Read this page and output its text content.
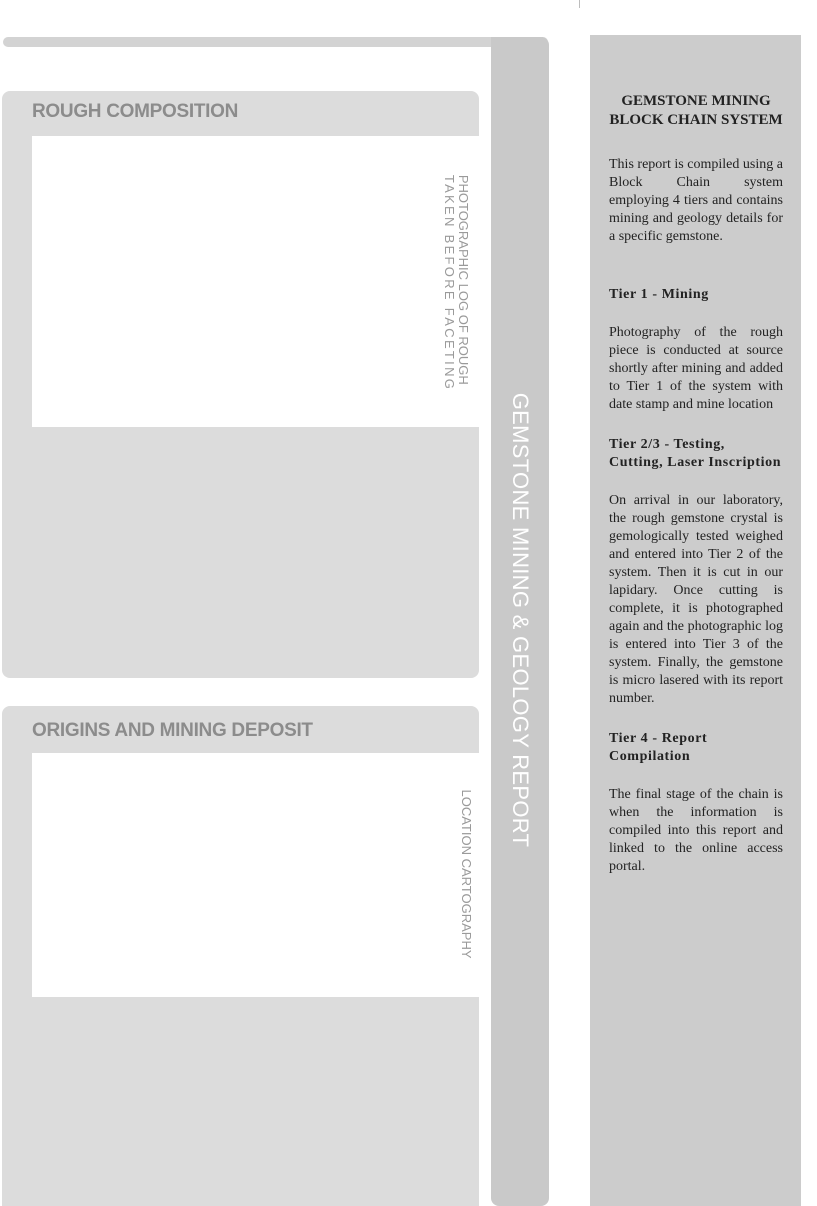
ROUGH COMPOSITION
PHOTOGRAPHIC LOG OF ROUGH
TAKEN BEFORE FACETING
ORIGINS AND MINING DEPOSIT
LOCATION CARTOGRAPHY
GEMSTONE MINING & GEOLOGY REPORT
GEMSTONE MINING BLOCK CHAIN SYSTEM

This report is compiled using a Block Chain system employing 4 tiers and contains mining and geology details for a specific gemstone.

Tier 1 - Mining

Photography of the rough piece is conducted at source shortly after mining and added to Tier 1 of the system with date stamp and mine location

Tier 2/3 - Testing, Cutting, Laser Inscription

On arrival in our laboratory, the rough gemstone crystal is gemologically tested weighed and entered into Tier 2 of the system. Then it is cut in our lapidary. Once cutting is complete, it is photographed again and the photographic log is entered into Tier 3 of the system. Finally, the gemstone is micro lasered with its report number.

Tier 4 - Report Compilation

The final stage of the chain is when the information is compiled into this report and linked to the online access portal.
